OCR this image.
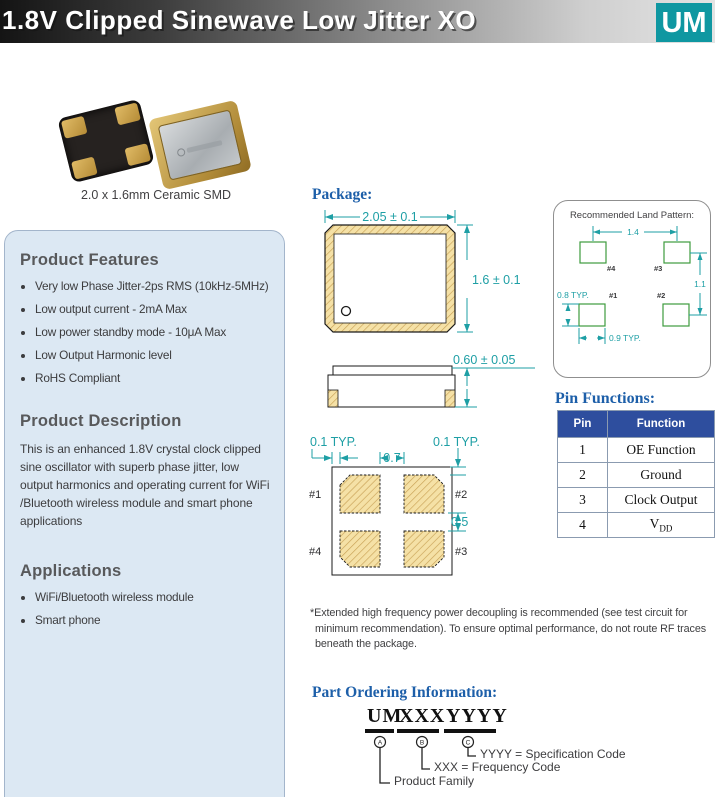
1.8V Clipped Sinewave Low Jitter XO	UM
2.0 x 1.6mm Ceramic SMD
Product Features
• Very low Phase Jitter-2ps RMS (10kHz-5MHz)
• Low output current - 2mA Max
• Low power standby mode - 10μA Max
• Low Output Harmonic level
• RoHS Compliant
Product Description

This is an enhanced 1.8V crystal clock clipped sine oscillator with superb phase jitter, low output harmonics and operating current for WiFi /Bluetooth wireless module and smart phone applications

Applications
• WiFi/Bluetooth wireless module
• Smart phone
Package:
2.05 ± 0.1
1.6 ± 0.1
0.60 ± 0.05
0.1 TYP.	0.1 TYP.
0.7
0.5
#1	#2
#4	#3
Recommended Land Pattern:
#4	#3
#1	#2
1.4
1.1
0.8 TYP.
0.9 TYP.
Pin Functions:
Pin	Function
1	OE Function
2	Ground
3	Clock Output
4	$V_{DD}$

*Extended high frequency power decoupling is recommended (see test circuit for minimum recommendation). To ensure optimal performance, do not route RF traces beneath the package.

Part Ordering Information:
UM
XXX YYYY
A	B	C
YYYY = Specification Code
XXX = Frequency Code
Product Family
